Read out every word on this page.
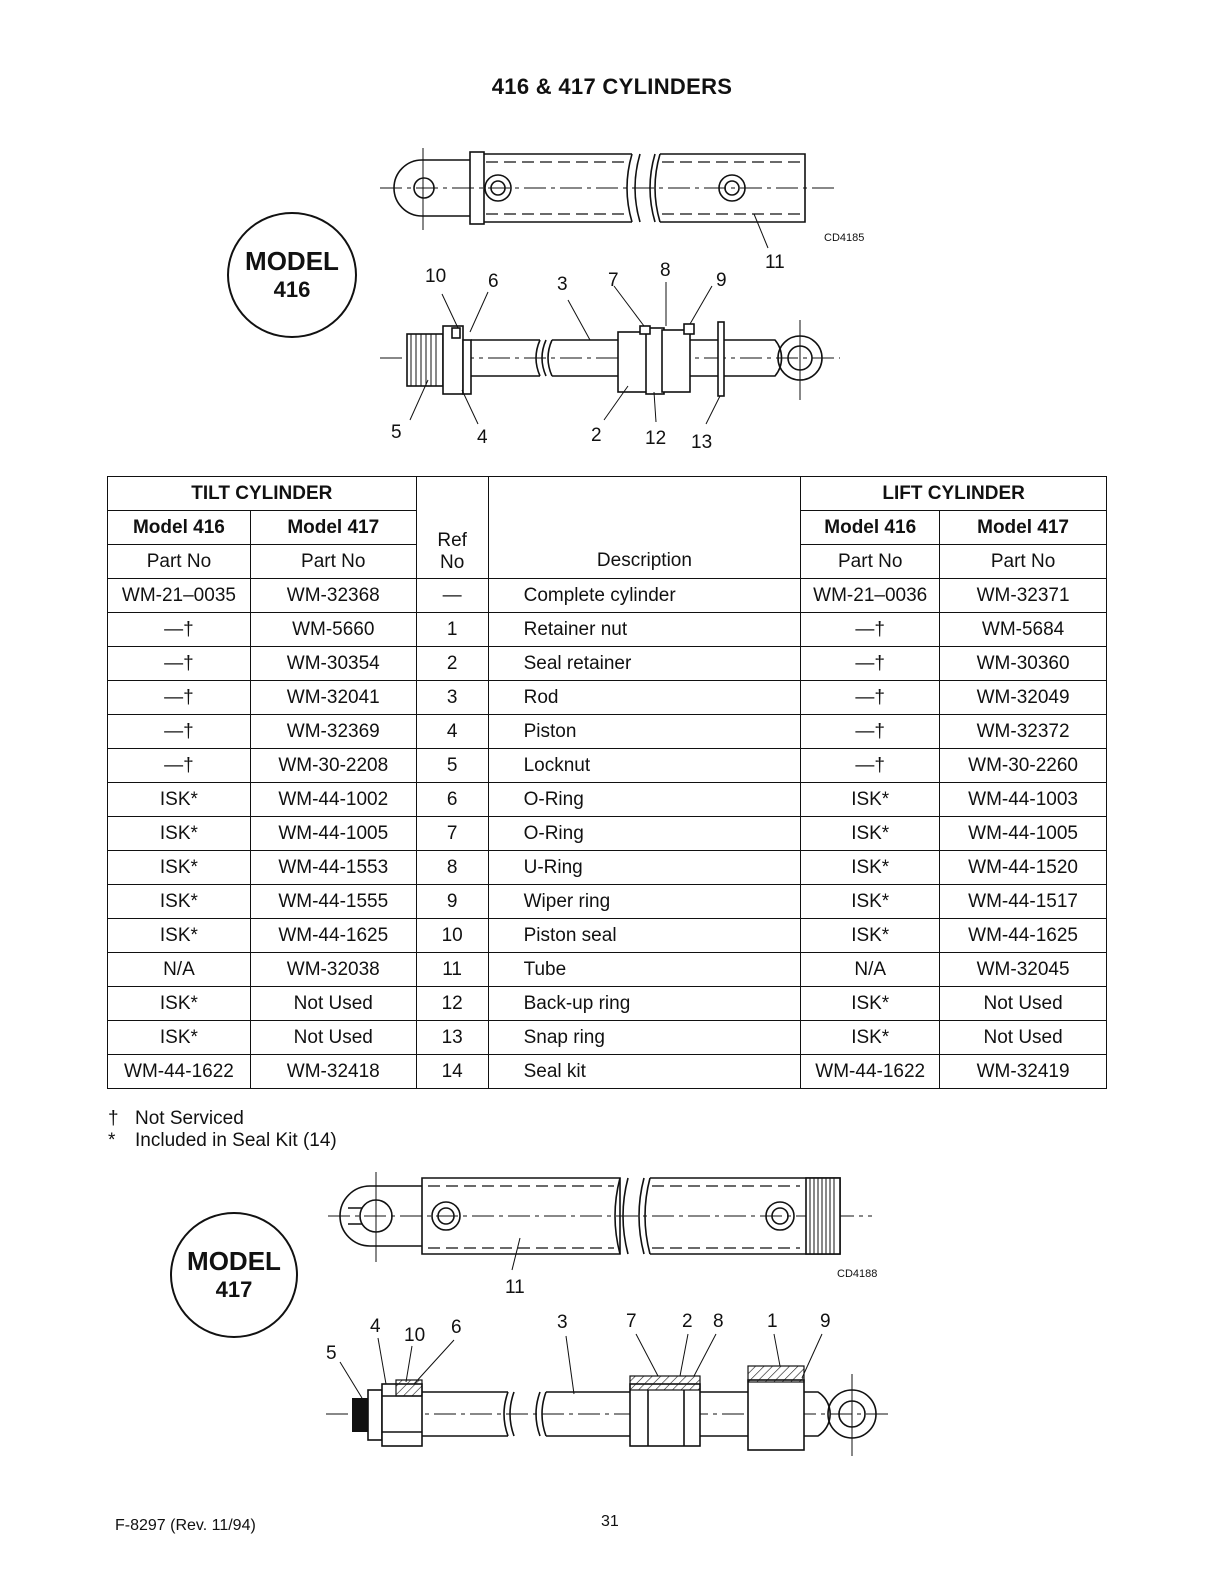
416 & 417 CYLINDERS
MODEL
416
CD4185
11
10 6	3 7 8 9
5	4	2 12 13
TILT CYLINDER		Ref
No	Description	LIFT CYLINDER	
Model 416	Model 417			Model 416	Model 417
Part No	Part No			Part No	Part No
WM-21–0035	WM-32368	—	Complete cylinder	WM-21–0036	WM-32371
—†	WM-5660	1	Retainer nut	—†	WM-5684
—†	WM-30354	2	Seal retainer	—†	WM-30360
—†	WM-32041	3	Rod	—†	WM-32049
—†	WM-32369	4	Piston	—†	WM-32372
—†	WM-30-2208	5	Locknut	—†	WM-30-2260
ISK*	WM-44-1002	6	O-Ring	ISK*	WM-44-1003
ISK*	WM-44-1005	7	O-Ring	ISK*	WM-44-1005
ISK*	WM-44-1553	8	U-Ring	ISK*	WM-44-1520
ISK*	WM-44-1555	9	Wiper ring	ISK*	WM-44-1517
ISK*	WM-44-1625	10	Piston seal	ISK*	WM-44-1625
N/A	WM-32038	11	Tube	N/A	WM-32045
ISK*	Not Used	12	Back-up ring	ISK*	Not Used
ISK*	Not Used	13	Snap ring	ISK*	Not Used
WM-44-1622	WM-32418	14	Seal kit	WM-44-1622	WM-32419
† Not Serviced
* Included in Seal Kit (14)
MODEL
417
CD4188
11
4 10 6
5
3	7 2 8 1 9
F-8297 (Rev. 11/94)	31
